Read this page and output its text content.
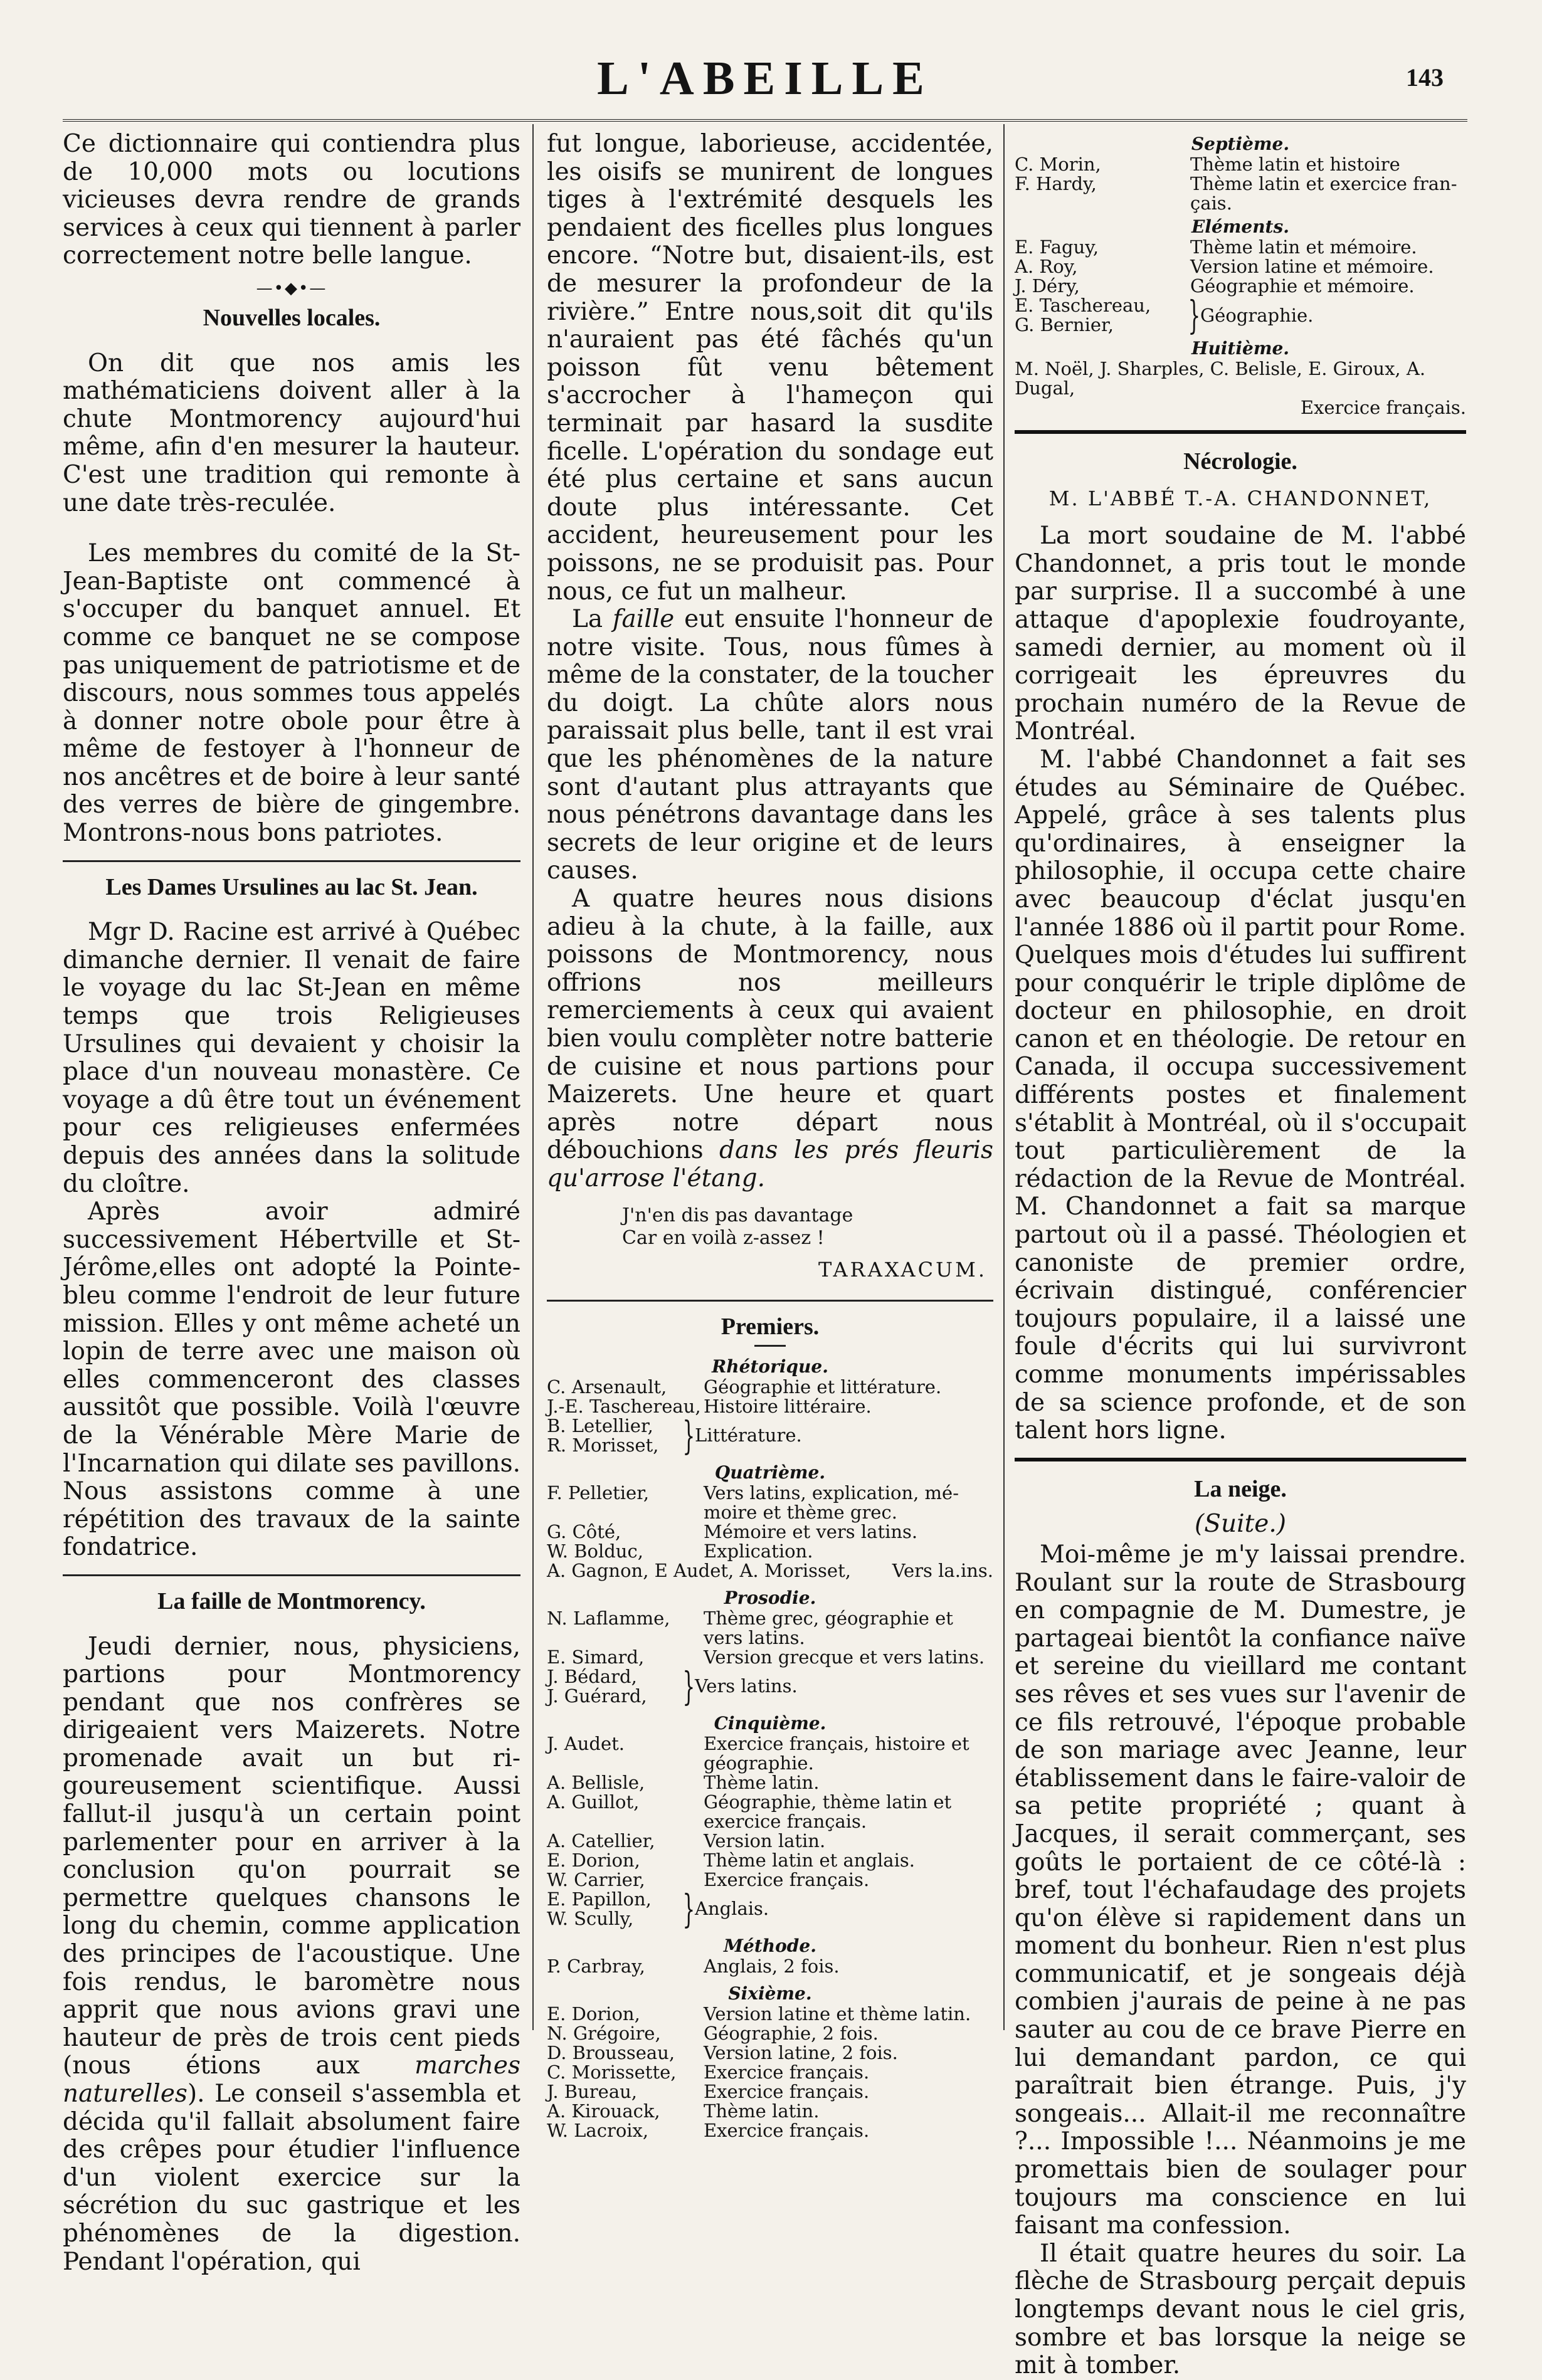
L'ABEILLE	143

Ce dictionnaire qui contiendra plus de 10,000 mots ou locutions vicieuses devra rendre de grands services à ceux qui tiennent à parler correctement notre belle langue.

—•◆•—
Nouvelles locales.

On dit que nos amis les mathématiciens doivent aller à la chute Montmorency aujourd'hui même, afin d'en mesurer la hauteur. C'est une tradition qui remonte à une date très-reculée.

Les membres du comité de la St-Jean-Baptiste ont commencé à s'occuper du banquet annuel. Et comme ce banquet ne se compose pas uniquement de patriotisme et de discours, nous sommes tous appelés à donner notre obole pour être à même de festoyer à l'honneur de nos ancêtres et de boire à leur santé des verres de bière de gingembre. Montrons-nous bons patriotes.

Les Dames Ursulines au lac St. Jean.

Mgr D. Racine est arrivé à Québec dimanche dernier. Il venait de faire le voyage du lac St-Jean en même temps que trois Religieuses Ursulines qui devaient y choisir la place d'un nouveau monastère. Ce voyage a dû être tout un événement pour ces religieuses enfermées depuis des années dans la solitude du cloître.

Après avoir admiré successivement Hébertville et St-Jérôme,elles ont adopté la Pointe-bleu comme l'endroit de leur future mission. Elles y ont même acheté un lopin de terre avec une maison où elles commenceront des classes aussitôt que possible. Voilà l'œuvre de la Vénérable Mère Marie de l'Incarnation qui dilate ses pavillons. Nous assistons comme à une répétition des travaux de la sainte fondatrice.

La faille de Montmorency.

Jeudi dernier, nous, physiciens, partions pour Montmorency pendant que nos confrères se dirigeaient vers Maizerets. Notre promenade avait un but rigoureusement scientifique. Aussi fallut-il jusqu'à un certain point parlementer pour en arriver à la conclusion qu'on pourrait se permettre quelques chansons le long du chemin, comme application des principes de l'acoustique. Une fois rendus, le baromètre nous apprit que nous avions gravi une hauteur de près de trois cent pieds (nous étions aux marches naturelles). Le conseil s'assembla et décida qu'il fallait absolument faire des crêpes pour étudier l'influence d'un violent exercice sur la sécrétion du suc gastrique et les phénomènes de la digestion. Pendant l'opération, qui

fut longue, laborieuse, accidentée, les oisifs se munirent de longues tiges à l'extrémité desquels les pendaient des ficelles plus longues encore. “Notre but, disaient-ils, est de mesurer la profondeur de la rivière.” Entre nous,soit dit qu'ils n'auraient pas été fâchés qu'un poisson fût venu bêtement s'accrocher à l'hameçon qui terminait par hasard la susdite ficelle. L'opération du sondage eut été plus certaine et sans aucun doute plus intéressante. Cet accident, heureusement pour les poissons, ne se produisit pas. Pour nous, ce fut un malheur.

La faille eut ensuite l'honneur de notre visite. Tous, nous fûmes à même de la constater, de la toucher du doigt. La chûte alors nous paraissait plus belle, tant il est vrai que les phénomènes de la nature sont d'autant plus attrayants que nous pénétrons davantage dans les secrets de leur origine et de leurs causes.

A quatre heures nous disions adieu à la chute, à la faille, aux poissons de Montmorency, nous offrions nos meilleurs remerciements à ceux qui avaient bien voulu complèter notre batterie de cuisine et nous partions pour Maizerets. Une heure et quart après notre départ nous débouchions dans les prés fleuris qu'arrose l'étang.

J'n'en dis pas davantage
Car en voilà z-assez !
TARAXACUM.
Premiers.
Rhétorique.
C. Arsenault,	Géographie et littérature.
J.-E. Taschereau, Histoire littéraire.
B. Letellier,
R. Morisset, } Littérature.
Quatrième.
F. Pelletier,	Vers latins, explication, mémoire et thème grec.
G. Côté,	Mémoire et vers latins.
W. Bolduc,	Explication.
A. Gagnon, E Audet, A. Morisset,	Vers la.ins.
Prosodie.
N. Laflamme,	Thème grec, géographie et vers latins.
E. Simard,	Version grecque et vers latins.
J. Bédard,
J. Guérard, } Vers latins.
Cinquième.
J. Audet.	Exercice français, histoire et géographie.
A. Bellisle,	Thème latin.
A. Guillot,	Géographie, thème latin et exercice français.
A. Catellier,	Version latin.
E. Dorion,	Thème latin et anglais.
W. Carrier,	Exercice français.
E. Papillon,
W. Scully,	} Anglais.
Méthode.
P. Carbray,	Anglais, 2 fois.
Sixième.
E. Dorion,	Version latine et thème latin.
N. Grégoire,	Géographie, 2 fois.
D. Brousseau,	Version latine, 2 fois.
C. Morissette,	Exercice français.
J. Bureau,	Exercice français.
A. Kirouack,	Thème latin.
W. Lacroix,	Exercice français.
Septième.
C. Morin,	Thème latin et histoire
F. Hardy,	Thème latin et exercice français.
Eléments.
E. Faguy,	Thème latin et mémoire.
A. Roy,	Version latine et mémoire.
J. Déry,	Géographie et mémoire.
E. Taschereau,
G. Bernier,	} Géographie.
Huitième.
M. Noël, J. Sharples, C. Belisle, E. Giroux, A. Dugal,
Exercice français.
Nécrologie.
M. L'ABBÉ T.-A. CHANDONNET,

La mort soudaine de M. l'abbé Chandonnet, a pris tout le monde par surprise. Il a succombé à une attaque d'apoplexie foudroyante, samedi dernier, au moment où il corrigeait les épreuvres du prochain numéro de la Revue de Montréal.

M. l'abbé Chandonnet a fait ses études au Séminaire de Québec. Appelé, grâce à ses talents plus qu'ordinaires, à enseigner la philosophie, il occupa cette chaire avec beaucoup d'éclat jusqu'en l'année 1886 où il partit pour Rome. Quelques mois d'études lui suffirent pour conquérir le triple diplôme de docteur en philosophie, en droit canon et en théologie. De retour en Canada, il occupa successivement différents postes et finalement s'établit à Montréal, où il s'occupait tout particulièrement de la rédaction de la Revue de Montréal. M. Chandonnet a fait sa marque partout où il a passé. Théologien et canoniste de premier ordre, écrivain distingué, conférencier toujours populaire, il a laissé une foule d'écrits qui lui survivront comme monuments impérissables de sa science profonde, et de son talent hors ligne.

La neige.
(Suite.)

Moi-même je m'y laissai prendre. Roulant sur la route de Strasbourg en compagnie de M. Dumestre, je partageai bientôt la confiance naïve et sereine du vieillard me contant ses rêves et ses vues sur l'avenir de ce fils retrouvé, l'époque probable de son mariage avec Jeanne, leur établissement dans le faire-valoir de sa petite propriété ; quant à Jacques, il serait commerçant, ses goûts le portaient de ce côté-là : bref, tout l'échafaudage des projets qu'on élève si rapidement dans un moment du bonheur. Rien n'est plus communicatif, et je songeais déjà combien j'aurais de peine à ne pas sauter au cou de ce brave Pierre en lui demandant pardon, ce qui paraîtrait bien étrange. Puis, j'y songeais... Allait-il me reconnaître ?... Impossible !... Néanmoins je me promettais bien de soulager pour toujours ma conscience en lui faisant ma confession.

Il était quatre heures du soir. La flèche de Strasbourg perçait depuis longtemps devant nous le ciel gris, sombre et bas lorsque la neige se mit à tomber.
